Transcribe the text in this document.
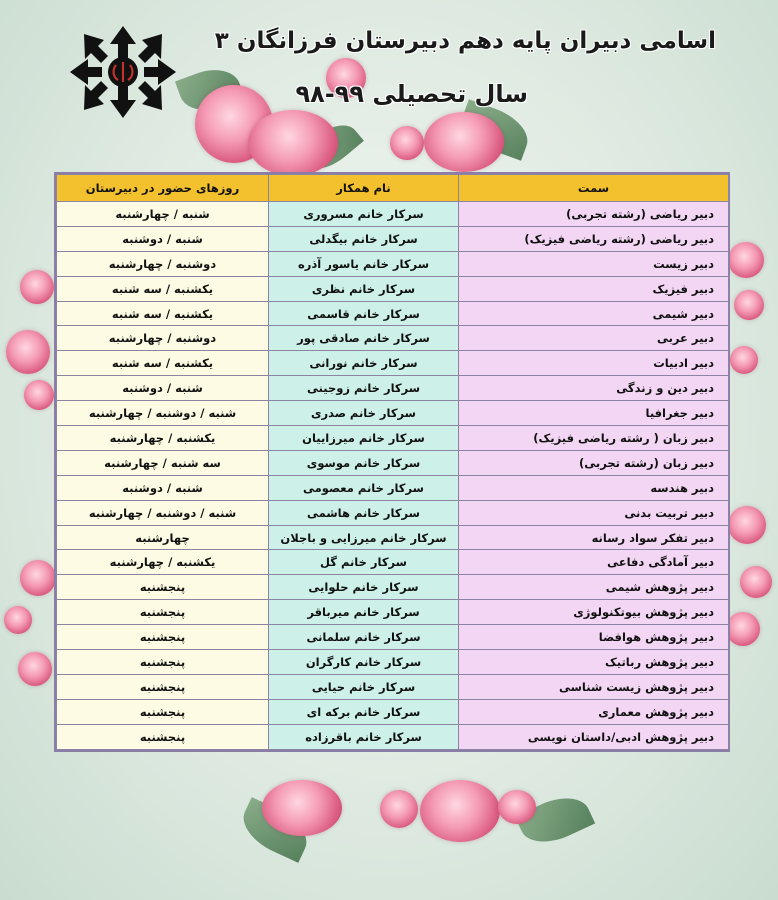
اسامی دبیران پایه دهم دبیرستان فرزانگان ۳
سال تحصیلی ۹۹-۹۸
سمت	نام همکار	روزهای حضور در دبیرستان
دبیر ریاضی (رشته تجربی)	سرکار خانم مسروری	شنبه / چهارشنبه
دبیر ریاضی (رشته ریاضی فیزیک)	سرکار خانم بیگدلی	شنبه / دوشنبه
دبیر زیست	سرکار خانم یاسور آذره	دوشنبه / چهارشنبه
دبیر فیزیک	سرکار خانم نظری	یکشنبه / سه شنبه
دبیر شیمی	سرکار خانم قاسمی	یکشنبه / سه شنبه
دبیر عربی	سرکار خانم صادقی پور	دوشنبه / چهارشنبه
دبیر ادبیات	سرکار خانم نورانی	یکشنبه / سه شنبه
دبیر دین و زندگی	سرکار خانم زوجینی	شنبه / دوشنبه
دبیر جغرافیا	سرکار خانم صدری	شنبه / دوشنبه / چهارشنبه
دبیر زبان ( رشته ریاضی فیزیک)	سرکار خانم میرزاییان	یکشنبه / چهارشنبه
دبیر زبان (رشته تجربی)	سرکار خانم موسوی	سه شنبه / چهارشنبه
دبیر هندسه	سرکار خانم معصومی	شنبه / دوشنبه
دبیر تربیت بدنی	سرکار خانم هاشمی	شنبه / دوشنبه / چهارشنبه
دبیر تفکر سواد رسانه	سرکار خانم میرزایی و باجلان	چهارشنبه
دبیر آمادگی دفاعی	سرکار خانم گل	یکشنبه / چهارشنبه
دبیر پژوهش شیمی	سرکار خانم حلوایی	پنجشنبه
دبیر پژوهش بیوتکنولوژی	سرکار خانم میرباقر	پنجشنبه
دبیر پژوهش هوافضا	سرکار خانم سلمانی	پنجشنبه
دبیر پژوهش رباتیک	سرکار خانم کارگران	پنجشنبه
دبیر پژوهش زیست شناسی	سرکار خانم حیایی	پنجشنبه
دبیر پژوهش معماری	سرکار خانم برکه ای	پنجشنبه
دبیر پژوهش ادبی/داستان نویسی	سرکار خانم باقرزاده	پنجشنبه
